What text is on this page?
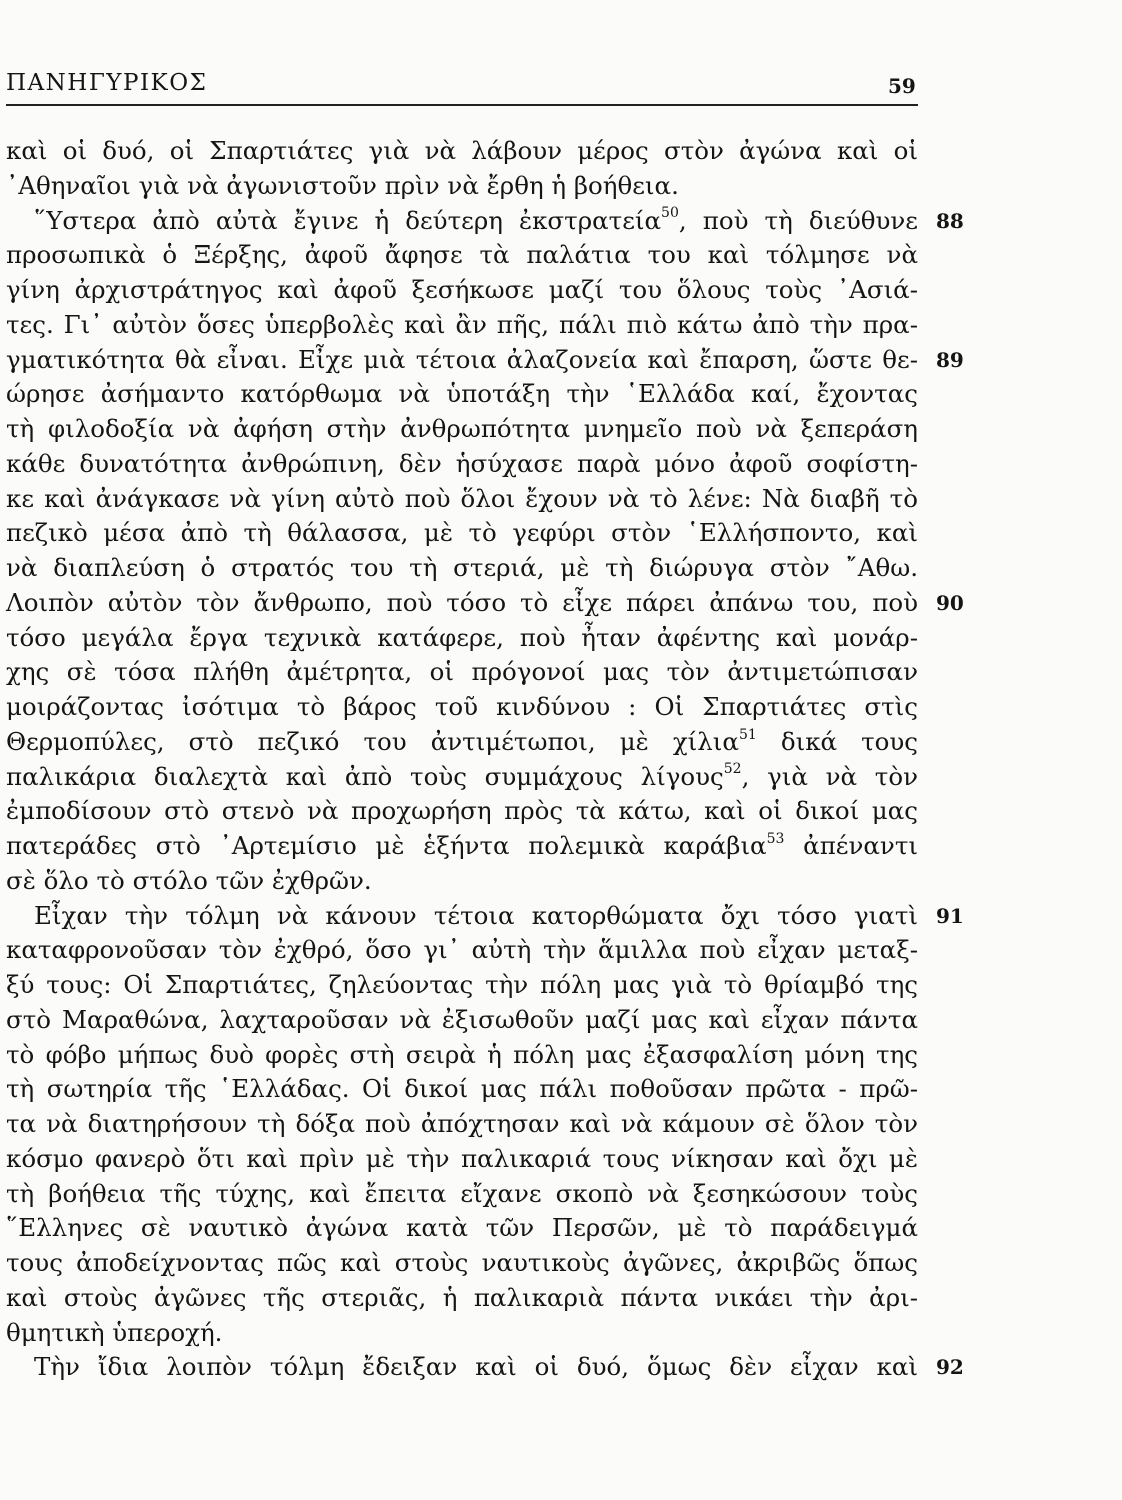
ΠΑΝΗΓΥΡΙΚΟΣ	59
καὶ οἱ δυό, οἱ Σπαρτιάτες γιὰ νὰ λάβουν μέρος στὸν ἀγώνα καὶ οἱ
᾿Αθηναῖοι γιὰ νὰ ἀγωνιστοῦν πρὶν νὰ ἔρθη ἡ βοήθεια.
῞Υστερα ἀπὸ αὐτὰ ἔγινε ἡ δεύτερη ἐκστρατεία$^{50}$, ποὺ τὴ διεύθυνε 88
προσωπικὰ ὁ Ξέρξης, ἀφοῦ ἄφησε τὰ παλάτια του καὶ τόλμησε νὰ
γίνη ἀρχιστράτηγος καὶ ἀφοῦ ξεσήκωσε μαζί του ὅλους τοὺς ᾿Ασιά-
τες. Γι᾿ αὐτὸν ὅσες ὑπερβολὲς καὶ ἂν πῆς, πάλι πιὸ κάτω ἀπὸ τὴν πρα-
γματικότητα θὰ εἶναι. Εἶχε μιὰ τέτοια ἀλαζονεία καὶ ἔπαρση, ὥστε θε- 89
ώρησε ἀσήμαντο κατόρθωμα νὰ ὑποτάξη τὴν ῾Ελλάδα καί, ἔχοντας
τὴ φιλοδοξία νὰ ἀφήση στὴν ἀνθρωπότητα μνημεῖο ποὺ νὰ ξεπεράση
κάθε δυνατότητα ἀνθρώπινη, δὲν ἡσύχασε παρὰ μόνο ἀφοῦ σοφίστη-
κε καὶ ἀνάγκασε νὰ γίνη αὐτὸ ποὺ ὅλοι ἔχουν νὰ τὸ λένε: Νὰ διαβῆ τὸ
πεζικὸ μέσα ἀπὸ τὴ θάλασσα, μὲ τὸ γεφύρι στὸν ῾Ελλήσποντο, καὶ
νὰ διαπλεύση ὁ στρατός του τὴ στεριά, μὲ τὴ διώρυγα στὸν ῎Αθω.
Λοιπὸν αὐτὸν τὸν ἄνθρωπο, ποὺ τόσο τὸ εἶχε πάρει ἀπάνω του, ποὺ 90
τόσο μεγάλα ἔργα τεχνικὰ κατάφερε, ποὺ ἦταν ἀφέντης καὶ μονάρ-
χης σὲ τόσα πλήθη ἀμέτρητα, οἱ πρόγονοί μας τὸν ἀντιμετώπισαν
μοιράζοντας ἰσότιμα τὸ βάρος τοῦ κινδύνου : Οἱ Σπαρτιάτες στὶς
Θερμοπύλες, στὸ πεζικό του ἀντιμέτωποι, μὲ χίλια$^{51}$ δικά τους
παλικάρια διαλεχτὰ καὶ ἀπὸ τοὺς συμμάχους λίγους$^{52}$, γιὰ νὰ τὸν
ἐμποδίσουν στὸ στενὸ νὰ προχωρήση πρὸς τὰ κάτω, καὶ οἱ δικοί μας
πατεράδες στὸ ᾿Αρτεμίσιο μὲ ἑξήντα πολεμικὰ καράβια$^{53}$ ἀπέναντι
σὲ ὅλο τὸ στόλο τῶν ἐχθρῶν.
Εἶχαν τὴν τόλμη νὰ κάνουν τέτοια κατορθώματα ὄχι τόσο γιατὶ 91
καταφρονοῦσαν τὸν ἐχθρό, ὅσο γι᾿ αὐτὴ τὴν ἅμιλλα ποὺ εἶχαν μεταξ-
ξύ τους: Οἱ Σπαρτιάτες, ζηλεύοντας τὴν πόλη μας γιὰ τὸ θρίαμβό της
στὸ Μαραθώνα, λαχταροῦσαν νὰ ἐξισωθοῦν μαζί μας καὶ εἶχαν πάντα
τὸ φόβο μήπως δυὸ φορὲς στὴ σειρὰ ἡ πόλη μας ἐξασφαλίση μόνη της
τὴ σωτηρία τῆς ῾Ελλάδας. Οἱ δικοί μας πάλι ποθοῦσαν πρῶτα - πρῶ-
τα νὰ διατηρήσουν τὴ δόξα ποὺ ἀπόχτησαν καὶ νὰ κάμουν σὲ ὅλον τὸν
κόσμο φανερὸ ὅτι καὶ πρὶν μὲ τὴν παλικαριά τους νίκησαν καὶ ὄχι μὲ
τὴ βοήθεια τῆς τύχης, καὶ ἔπειτα εἴχανε σκοπὸ νὰ ξεσηκώσουν τοὺς
῞Ελληνες σὲ ναυτικὸ ἀγώνα κατὰ τῶν Περσῶν, μὲ τὸ παράδειγμά
τους ἀποδείχνοντας πῶς καὶ στοὺς ναυτικοὺς ἀγῶνες, ἀκριβῶς ὅπως
καὶ στοὺς ἀγῶνες τῆς στεριᾶς, ἡ παλικαριὰ πάντα νικάει τὴν ἀρι-
θμητικὴ ὑπεροχή.
Τὴν ἴδια λοιπὸν τόλμη ἔδειξαν καὶ οἱ δυό, ὅμως δὲν εἶχαν καὶ 92
